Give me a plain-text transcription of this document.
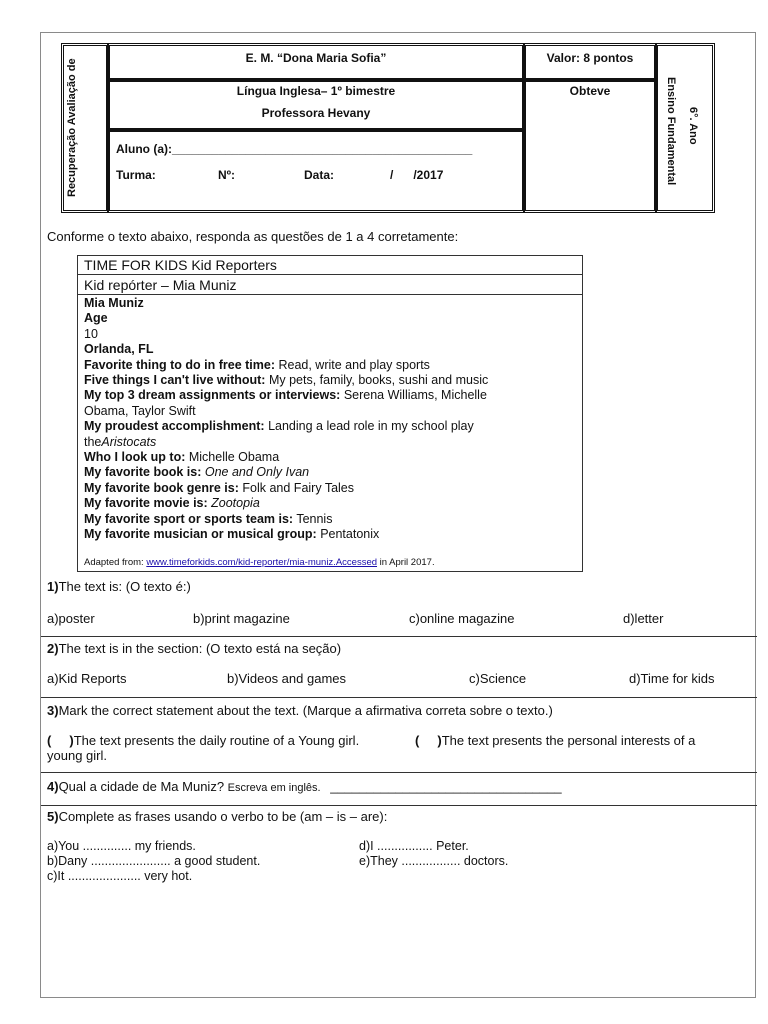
Recuperação Avaliação de
E. M. “Dona Maria Sofia”	Valor: 8 pontos
Língua Inglesa– 1º bimestre
Professora Hevany
Obteve
Aluno (a):_____________________________________________
Turma:	Nº:	Data:	/      /2017	Ensino Fundamental 6°. Ano
Conforme o texto abaixo, responda as questões de 1 a 4 corretamente:
TIME FOR KIDS Kid Reporters
Kid repórter – Mia Muniz
Mia Muniz
Age
10
Orlanda, FL
Favorite thing to do in free time: Read, write and play sports
Five things I can't live without: My pets, family, books, sushi and music
My top 3 dream assignments or interviews: Serena Williams, Michelle
Obama, Taylor Swift
My proudest accomplishment: Landing a lead role in my school play
theAristocats
Who I look up to: Michelle Obama
My favorite book is: One and Only Ivan
My favorite book genre is: Folk and Fairy Tales
My favorite movie is: Zootopia
My favorite sport or sports team is: Tennis
My favorite musician or musical group: Pentatonix
Adapted from: www.timeforkids.com/kid-reporter/mia-muniz.Accessed in April 2017.
1)The text is: (O texto é:)
a)poster	b)print magazine	c)online magazine	d)letter
2)The text is in the section: (O texto está na seção)
a)Kid Reports	b)Videos and games	c)Science	d)Time for kids
3)Mark the correct statement about the text. (Marque a afirmativa correta sobre o texto.)
(     )The text presents the daily routine of a Young girl.	(     )The text presents the personal interests of a
young girl.
4)Qual a cidade de Ma Muniz? Escreva em inglês. ________________________________
5)Complete as frases usando o verbo to be (am – is – are):
a)You .............. my friends.
b)Dany ....................... a good student.
c)It ..................... very hot.
d)I ................ Peter.
e)They ................. doctors.
